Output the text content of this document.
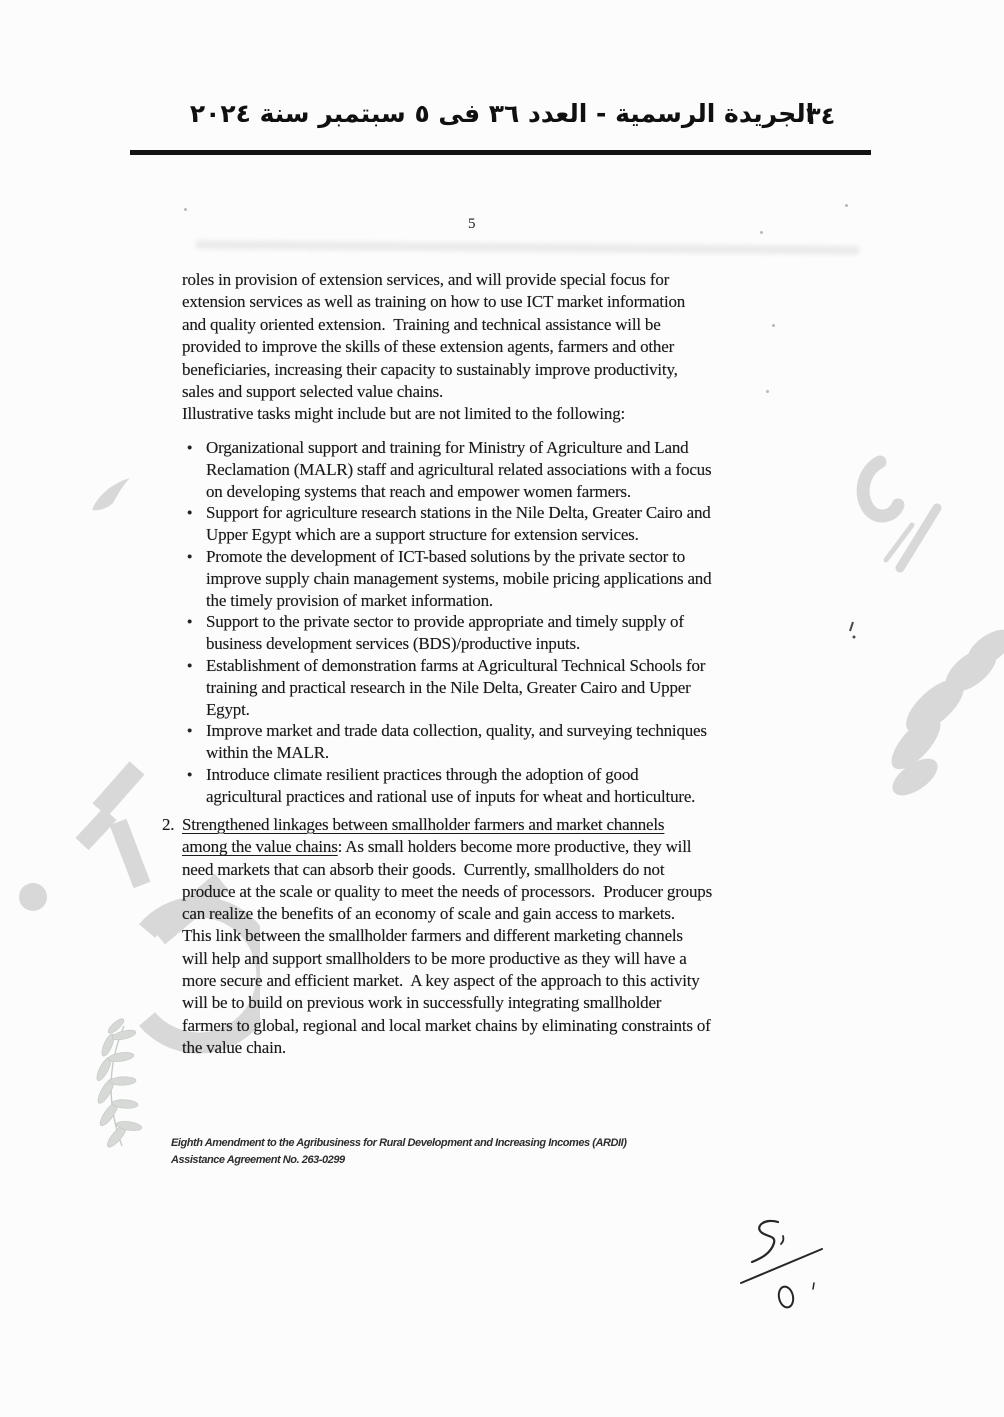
الجريدة الرسمية - العدد ٣٦ فى ٥ سبتمبر سنة ٢٠٢٤
٣٤
5
roles in provision of extension services, and will provide special focus for
extension services as well as training on how to use ICT market information
and quality oriented extension.  Training and technical assistance will be
provided to improve the skills of these extension agents, farmers and other
beneficiaries, increasing their capacity to sustainably improve productivity,
sales and support selected value chains.
Illustrative tasks might include but are not limited to the following:
● Organizational support and training for Ministry of Agriculture and Land
Reclamation (MALR) staff and agricultural related associations with a focus
on developing systems that reach and empower women farmers.
● Support for agriculture research stations in the Nile Delta, Greater Cairo and
Upper Egypt which are a support structure for extension services.
● Promote the development of ICT-based solutions by the private sector to
improve supply chain management systems, mobile pricing applications and
the timely provision of market information.
● Support to the private sector to provide appropriate and timely supply of
business development services (BDS)/productive inputs.
● Establishment of demonstration farms at Agricultural Technical Schools for
training and practical research in the Nile Delta, Greater Cairo and Upper
Egypt.
● Improve market and trade data collection, quality, and surveying techniques
within the MALR.
● Introduce climate resilient practices through the adoption of good
agricultural practices and rational use of inputs for wheat and horticulture.
2. Strengthened linkages between smallholder farmers and market channels
among the value chains: As small holders become more productive, they will
need markets that can absorb their goods.  Currently, smallholders do not
produce at the scale or quality to meet the needs of processors.  Producer groups
can realize the benefits of an economy of scale and gain access to markets.
This link between the smallholder farmers and different marketing channels
will help and support smallholders to be more productive as they will have a
more secure and efficient market.  A key aspect of the approach to this activity
will be to build on previous work in successfully integrating smallholder
farmers to global, regional and local market chains by eliminating constraints of
the value chain.
Eighth Amendment to the Agribusiness for Rural Development and Increasing Incomes (ARDII)
Assistance Agreement No. 263-0299
